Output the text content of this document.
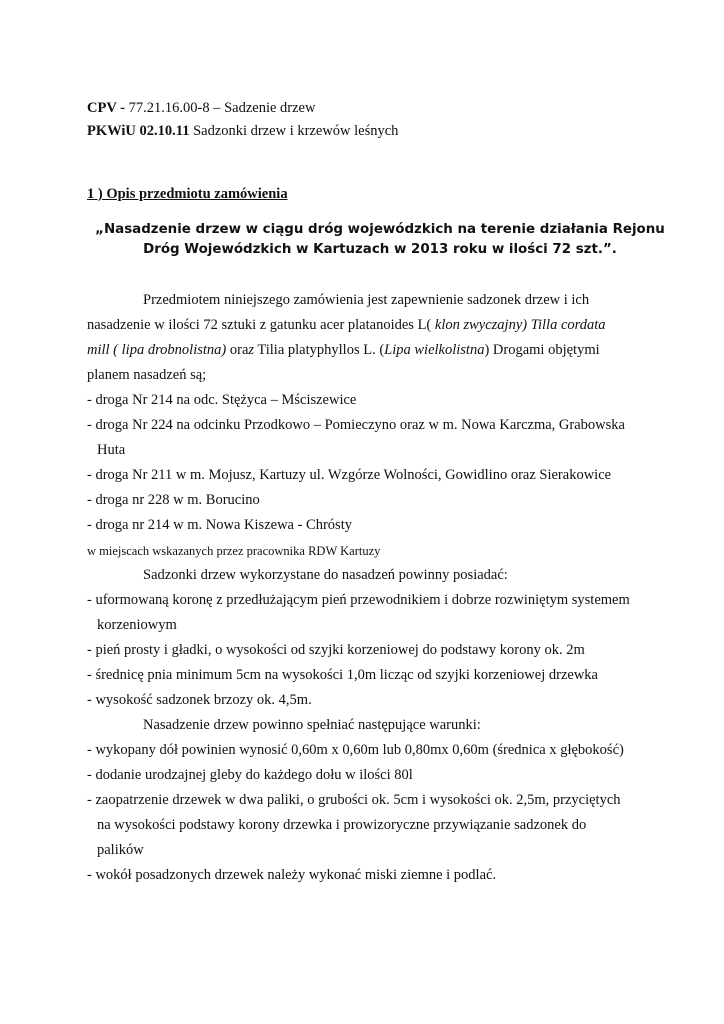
CPV - 77.21.16.00-8 – Sadzenie drzew
PKWiU 02.10.11 Sadzonki drzew i krzewów leśnych
1 ) Opis przedmiotu zamówienia
„Nasadzenie drzew w ciągu dróg wojewódzkich na terenie działania Rejonu
Dróg Wojewódzkich w Kartuzach w 2013 roku w ilości 72 szt.”.
Przedmiotem niniejszego zamówienia jest zapewnienie sadzonek drzew i ich
nasadzenie w ilości 72 sztuki z gatunku acer platanoides L( klon zwyczajny) Tilla cordata
mill ( lipa drobnolistna) oraz Tilia platyphyllos L. (Lipa wielkolistna) Drogami objętymi
planem nasadzeń są;
- droga Nr 214 na odc. Stężyca – Mściszewice
- droga Nr 224 na odcinku Przodkowo – Pomieczyno oraz w m. Nowa Karczma, Grabowska
Huta
- droga Nr 211 w m. Mojusz, Kartuzy ul. Wzgórze Wolności, Gowidlino oraz Sierakowice
- droga nr 228 w m. Borucino
- droga nr 214 w m. Nowa Kiszewa - Chrósty
w miejscach wskazanych przez pracownika RDW Kartuzy
Sadzonki drzew wykorzystane do nasadzeń powinny posiadać:
- uformowaną koronę z przedłużającym pień przewodnikiem i dobrze rozwiniętym systemem
korzeniowym
- pień prosty i gładki, o wysokości od szyjki korzeniowej do podstawy korony ok. 2m
- średnicę pnia minimum 5cm na wysokości 1,0m licząc od szyjki korzeniowej drzewka
- wysokość sadzonek brzozy ok. 4,5m.
Nasadzenie drzew powinno spełniać następujące warunki:
- wykopany dół powinien wynosić 0,60m x 0,60m lub 0,80mx 0,60m (średnica x głębokość)
- dodanie urodzajnej gleby do każdego dołu w ilości 80l
- zaopatrzenie drzewek w dwa paliki, o grubości ok. 5cm i wysokości ok. 2,5m, przyciętych
na wysokości podstawy korony drzewka i prowizoryczne przywiązanie sadzonek do
palików
- wokół posadzonych drzewek należy wykonać miski ziemne i podlać.
